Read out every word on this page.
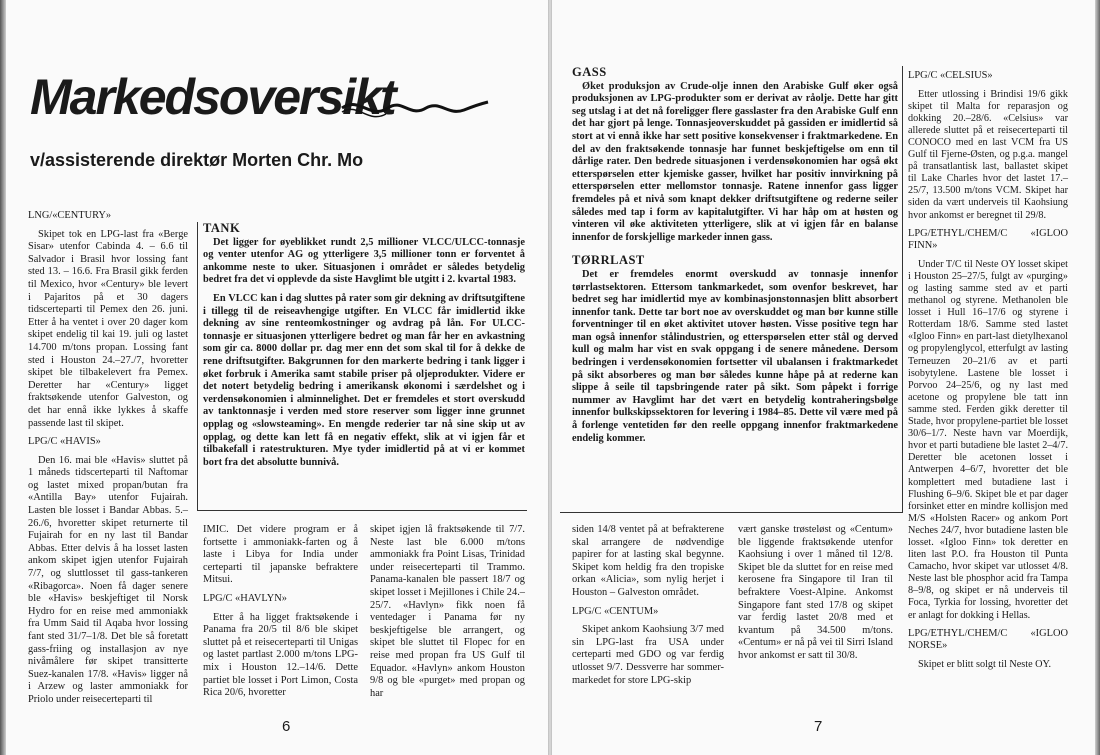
Markedsoversikt
v/assisterende direktør Morten Chr. Mo

LNG/«CENTURY»

Skipet tok en LPG-last fra «Berge Sisar» utenfor Cabinda 4. – 6.6 til Salvador i Brasil hvor lossing fant sted 13. – 16.6. Fra Brasil gikk ferden til Mexico, hvor «Century» ble levert i Pajaritos på et 30 dagers tidscerteparti til Pemex den 26. juni. Etter å ha ventet i over 20 dager kom skipet endelig til kai 19. juli og lastet 14.700 m/tons propan. Lossing fant sted i Houston 24.–27./7, hvoretter skipet ble tilbakelevert fra Pemex. Deretter har «Century» ligget fraktsøkende utenfor Galveston, og det har ennå ikke lykkes å skaffe passende last til skipet.

LPG/C «HAVIS»

Den 16. mai ble «Havis» sluttet på 1 måneds tidscerteparti til Naftomar og lastet mixed propan/butan fra «Antilla Bay» utenfor Fujairah. Lasten ble losset i Bandar Abbas. 5.–26./6, hvoretter skipet returnerte til Fujairah for en ny last til Bandar Abbas. Etter delvis å ha losset lasten ankom skipet igjen utenfor Fujairah 7/7, og sluttlosset til gass-tankeren «Ribagorca». Noen få dager senere ble «Havis» beskjeftiget til Norsk Hydro for en reise med ammoniakk fra Umm Said til Aqaba hvor lossing fant sted 31/7–1/8. Det ble så foretatt gass-friing og installasjon av nye nivåmålere før skipet transitterte Suez-kanalen 17/8. «Havis» ligger nå i Arzew og laster ammoniakk for Priolo under reisecerteparti til

TANK

Det ligger for øyeblikket rundt 2,5 millioner VLCC/ULCC-tonnasje og venter utenfor AG og ytterligere 3,5 millioner tonn er forventet å ankomme neste to uker. Situasjonen i området er således betydelig bedret fra det vi opplevde da siste Havglimt ble utgitt i 2. kvartal 1983.

En VLCC kan i dag sluttes på rater som gir dekning av driftsutgiftene i tillegg til de reiseavhengige utgifter. En VLCC får imidlertid ikke dekning av sine renteomkostninger og avdrag på lån. For ULCC-tonnasje er situasjonen ytterligere bedret og man får her en avkastning som gir ca. 8000 dollar pr. dag mer enn det som skal til for å dekke de rene driftsutgifter. Bakgrunnen for den markerte bedring i tank ligger i øket forbruk i Amerika samt stabile priser på oljeprodukter. Videre er det notert betydelig bedring i amerikansk økonomi i særdelshet og i verdensøkonomien i alminnelighet. Det er fremdeles et stort overskudd av tanktonnasje i verden med store reserver som ligger inne grunnet opplag og «slowsteaming». En mengde rederier tar nå sine skip ut av opplag, og dette kan lett få en negativ effekt, slik at vi igjen får et tilbakefall i ratestrukturen. Mye tyder imidlertid på at vi er kommet bort fra det absolutte bunnivå.

IMIC. Det videre program er å fortsette i ammoniakk-farten og å laste i Libya for India under certeparti til japanske befraktere Mitsui.

LPG/C «HAVLYN»

Etter å ha ligget fraktsøkende i Panama fra 20/5 til 8/6 ble skipet sluttet på et reisecerteparti til Unigas og lastet partlast 2.000 m/tons LPG-mix i Houston 12.–14/6. Dette partiet ble losset i Port Limon, Costa Rica 20/6, hvoretter

skipet igjen lå fraktsøkende til 7/7. Neste last ble 6.000 m/tons ammoniakk fra Point Lisas, Trinidad under reisecerteparti til Trammo. Panama-kanalen ble passert 18/7 og skipet losset i Mejillones i Chile 24.–25/7. «Havlyn» fikk noen få ventedager i Panama før ny beskjeftigelse ble arrangert, og skipet ble sluttet til Flopec for en reise med propan fra US Gulf til Equador. «Havlyn» ankom Houston 9/8 og ble «purget» med propan og har

6

GASS

Øket produksjon av Crude-olje innen den Arabiske Gulf øker også produksjonen av LPG-produkter som er derivat av råolje. Dette har gitt seg utslag i at det nå foreligger flere gasslaster fra den Arabiske Gulf enn det har gjort på lenge. Tonnasjeoverskuddet på gassiden er imidlertid så stort at vi ennå ikke har sett positive konsekvenser i fraktmarkedene. En del av den fraktsøkende tonnasje har funnet beskjeftigelse om enn til dårlige rater. Den bedrede situasjonen i verdensøkonomien har også økt etterspørselen etter kjemiske gasser, hvilket har positiv innvirkning på etterspørselen etter mellomstor tonnasje. Ratene innenfor gass ligger fremdeles på et nivå som knapt dekker driftsutgiftene og rederne seiler således med tap i form av kapitalutgifter. Vi har håp om at høsten og vinteren vil øke aktiviteten ytterligere, slik at vi igjen får en balanse innenfor de forskjellige markeder innen gass.

TØRRLAST

Det er fremdeles enormt overskudd av tonnasje innenfor tørrlastsektoren. Ettersom tankmarkedet, som ovenfor beskrevet, har bedret seg har imidlertid mye av kombinasjonstonnasjen blitt absorbert innenfor tank. Dette tar bort noe av overskuddet og man bør kunne stille forventninger til en øket aktivitet utover høsten. Visse positive tegn har man også innenfor stålindustrien, og etterspørselen etter stål og derved kull og malm har vist en svak oppgang i de senere månedene. Dersom bedringen i verdensøkonomien fortsetter vil ubalansen i fraktmarkedet på sikt absorberes og man bør således kunne håpe på at rederne kan slippe å seile til tapsbringende rater på sikt. Som påpekt i forrige nummer av Havglimt har det vært en betydelig kontraheringsbølge innenfor bulkskipssektoren for levering i 1984–85. Dette vil være med på å forlenge ventetiden før den reelle oppgang innenfor fraktmarkedene endelig kommer.

siden 14/8 ventet på at befrakterene skal arrangere de nødvendige papirer for at lasting skal begynne. Skipet kom heldig fra den tropiske orkan «Alicia», som nylig herjet i Houston – Galveston området.

LPG/C «CENTUM»

Skipet ankom Kaohsiung 3/7 med sin LPG-last fra USA under certeparti med GDO og var ferdig utlosset 9/7. Dessverre har sommer-markedet for store LPG-skip

vært ganske trøsteløst og «Centum» ble liggende fraktsøkende utenfor Kaohsiung i over 1 måned til 12/8. Skipet ble da sluttet for en reise med kerosene fra Singapore til Iran til befraktere Voest-Alpine. Ankomst Singapore fant sted 17/8 og skipet var ferdig lastet 20/8 med et kvantum på 34.500 m/tons. «Centum» er nå på vei til Sirri Island hvor ankomst er satt til 30/8.

LPG/C «CELSIUS»

Etter utlossing i Brindisi 19/6 gikk skipet til Malta for reparasjon og dokking 20.–28/6. «Celsius» var allerede sluttet på et reisecerteparti til CONOCO med en last VCM fra US Gulf til Fjerne-Østen, og p.g.a. mangel på transatlantisk last, ballastet skipet til Lake Charles hvor det lastet 17.–25/7, 13.500 m/tons VCM. Skipet har siden da vært underveis til Kaohsiung hvor ankomst er beregnet til 29/8.

LPG/ETHYL/CHEM/C «IGLOO FINN»

Under T/C til Neste OY losset skipet i Houston 25–27/5, fulgt av «purging» og lasting samme sted av et parti methanol og styrene. Methanolen ble losset i Hull 16–17/6 og styrene i Rotterdam 18/6. Samme sted lastet «Igloo Finn» en part-last dietylhexanol og propylenglycol, etterfulgt av lasting Terneuzen 20–21/6 av et parti isobytylene. Lastene ble losset i Porvoo 24–25/6, og ny last med acetone og propylene ble tatt inn samme sted. Ferden gikk deretter til Stade, hvor propylene-partiet ble losset 30/6–1/7. Neste havn var Moerdijk, hvor et parti butadiene ble lastet 2–4/7. Deretter ble acetonen losset i Antwerpen 4–6/7, hvoretter det ble komplettert med butadiene last i Flushing 6–9/6. Skipet ble et par dager forsinket etter en mindre kollisjon med M/S «Holsten Racer» og ankom Port Neches 24/7, hvor butadiene lasten ble losset. «Igloo Finn» tok deretter en liten last P.O. fra Houston til Punta Camacho, hvor skipet var utlosset 4/8. Neste last ble phosphor acid fra Tampa 8–9/8, og skipet er nå underveis til Foca, Tyrkia for lossing, hvoretter det er anlagt for dokking i Hellas.

LPG/ETHYL/CHEM/C «IGLOO NORSE»

Skipet er blitt solgt til Neste OY.

7
